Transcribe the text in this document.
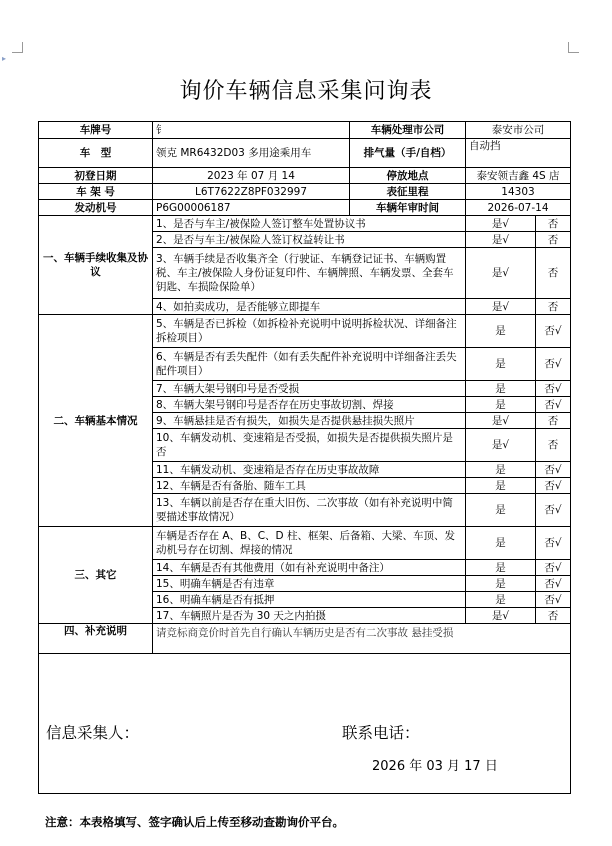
▸
询价车辆信息采集问询表
车牌号	钅	车辆处理市公司	泰安市公司	
车　型	领克 MR6432D03 多用途乘用车	排气量（手/自档）	自动挡	
初登日期	2023 年 07 月 14	停放地点	泰安领吉鑫 4S 店	
车 架 号	L6T7622Z8PF032997	表征里程	14303	
发动机号	P6G00006187	车辆年审时间	2026-07-14	
一、车辆手续收集及协议	1、是否与车主/被保险人签订整车处置协议书		是√	否
	2、是否与车主/被保险人签订权益转让书		是√	否
	3、车辆手续是否收集齐全（行驶证、车辆登记证书、车辆购置税、车主/被保险人身份证复印件、车辆牌照、车辆发票、全套车钥匙、车损险保险单）		是√	否
	4、如拍卖成功，是否能够立即提车		是√	否
二、车辆基本情况	5、车辆是否已拆检（如拆检补充说明中说明拆检状况、详细备注拆检项目）		是	否√
	6、车辆是否有丢失配件（如有丢失配件补充说明中详细备注丢失配件项目）		是	否√
	7、车辆大架号钢印号是否受损		是	否√
	8、车辆大架号钢印号是否存在历史事故切割、焊接		是	否√
	9、车辆悬挂是否有损失，如损失是否提供悬挂损失照片		是√	否
	10、车辆发动机、变速箱是否受损，如损失是否提供损失照片是否		是√	否
	11、车辆发动机、变速箱是否存在历史事故故障		是	否√
	12、车辆是否有备胎、随车工具		是	否√
	13、车辆以前是否存在重大旧伤、二次事故（如有补充说明中简要描述事故情况）		是	否√
三、其它	车辆是否存在 A、B、C、D 柱、框架、后备箱、大梁、车顶、发动机号存在切割、焊接的情况		是	否√
	14、车辆是否有其他费用（如有补充说明中备注）		是	否√
	15、明确车辆是否有违章		是	否√
	16、明确车辆是否有抵押		是	否√
	17、车辆照片是否为 30 天之内拍摄		是√	否
四、补充说明	请竞标商竞价时首先自行确认车辆历史是否有二次事故 悬挂受损			

信息采集人：	联系电话：
2026 年 03 月 17 日
注意：本表格填写、签字确认后上传至移动查勘询价平台。
